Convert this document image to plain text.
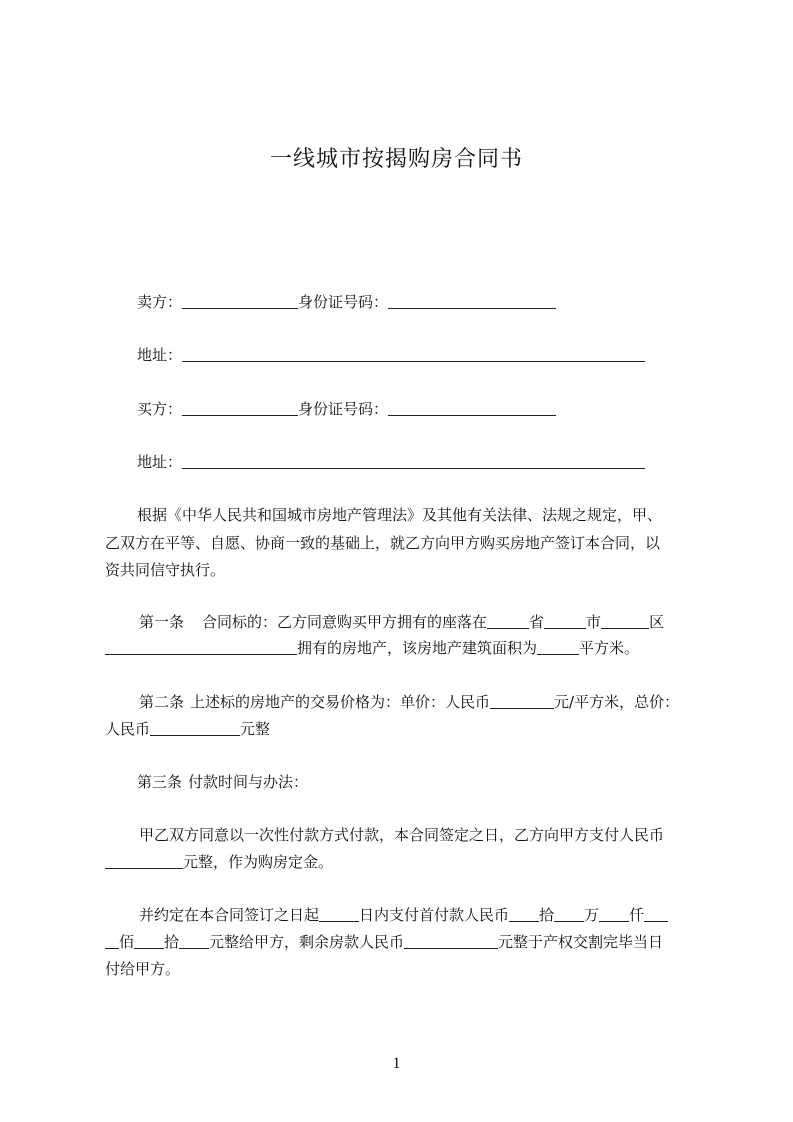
一线城市按揭购房合同书
卖方：	身份证号码：
地址：
买方：	身份证号码：
地址：
根据《中华人民共和国城市房地产管理法》及其他有关法律、法规之规定，甲、
乙双方在平等、自愿、协商一致的基础上，就乙方向甲方购买房地产签订本合同，以
资共同信守执行。
第一条 合同标的：乙方同意购买甲方拥有的座落在	省	市	区
拥有的房地产，该房地产建筑面积为	平方米。
第二条 上述标的房地产的交易价格为：单价：人民币	元/平方米，总价：
人民币	元整
第三条 付款时间与办法：
甲乙双方同意以一次性付款方式付款，本合同签定之日，乙方向甲方支付人民币
元整，作为购房定金。
并约定在本合同签订之日起	日内支付首付款人民币 拾 万 仟
佰 拾 元整给甲方，剩余房款人民币	元整于产权交割完毕当日
付给甲方。
1
